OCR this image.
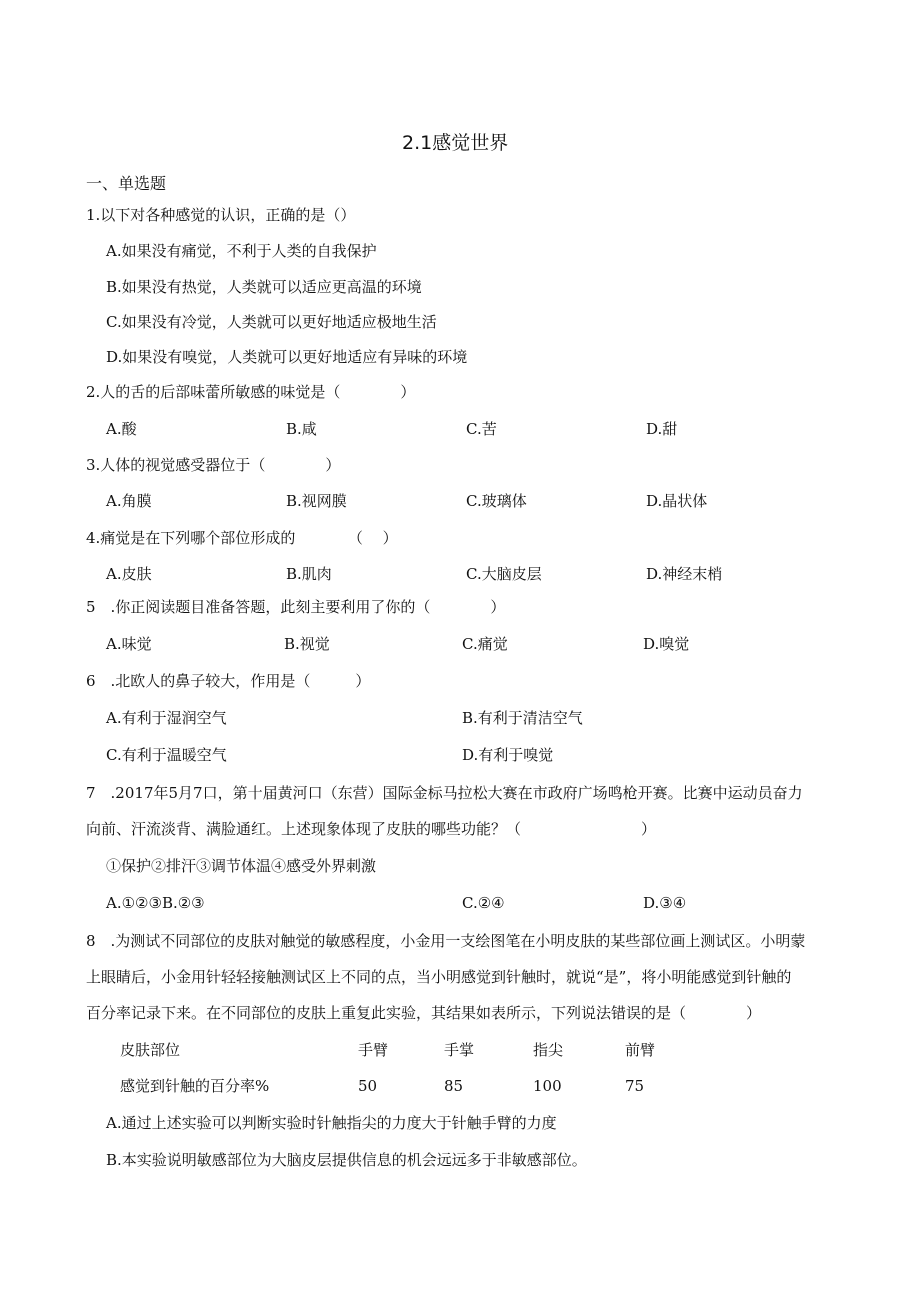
2.1感觉世界
一、单选题
1.以下对各种感觉的认识，正确的是（）
A.如果没有痛觉，不利于人类的自我保护
B.如果没有热觉，人类就可以适应更高温的环境
C.如果没有冷觉，人类就可以更好地适应极地生活
D.如果没有嗅觉，人类就可以更好地适应有异味的环境
2.人的舌的后部味蕾所敏感的味觉是（　　　　）
A.酸	B.咸	C.苦	D.甜
3.人体的视觉感受器位于（　　　　）
A.角膜	B.视网膜	C.玻璃体	D.晶状体
4.痛觉是在下列哪个部位形成的　　　　（　 ）
A.皮肤	B.肌肉	C.大脑皮层	D.神经末梢
5　.你正阅读题目准备答题，此刻主要利用了你的（　　　　）
A.味觉	B.视觉	C.痛觉	D.嗅觉
6　.北欧人的鼻子较大，作用是（　　　）
A.有利于湿润空气	B.有利于清洁空气
C.有利于温暖空气	D.有利于嗅觉
7　.2017年5月7口，第十届黄河口（东营）国际金标马拉松大赛在市政府广场鸣枪开赛。比赛中运动员奋力
向前、汗流淡背、满脸通红。上述现象体现了皮肤的哪些功能？（　　　　　　　　）
①保护②排汗③调节体温④感受外界刺激
A.①②③B.②③	C.②④	D.③④
8　.为测试不同部位的皮肤对触觉的敏感程度，小金用一支绘图笔在小明皮肤的某些部位画上测试区。小明蒙
上眼睛后，小金用针轻轻接触测试区上不同的点，当小明感觉到针触时，就说“是”，将小明能感觉到针触的
百分率记录下来。在不同部位的皮肤上重复此实验，其结果如表所示，下列说法错误的是（　　　　）
皮肤部位	手臂	手掌	指尖	前臂
感觉到针触的百分率%	50	85	100	75
A.通过上述实验可以判断实验时针触指尖的力度大于针触手臂的力度
B.本实验说明敏感部位为大脑皮层提供信息的机会远远多于非敏感部位。
